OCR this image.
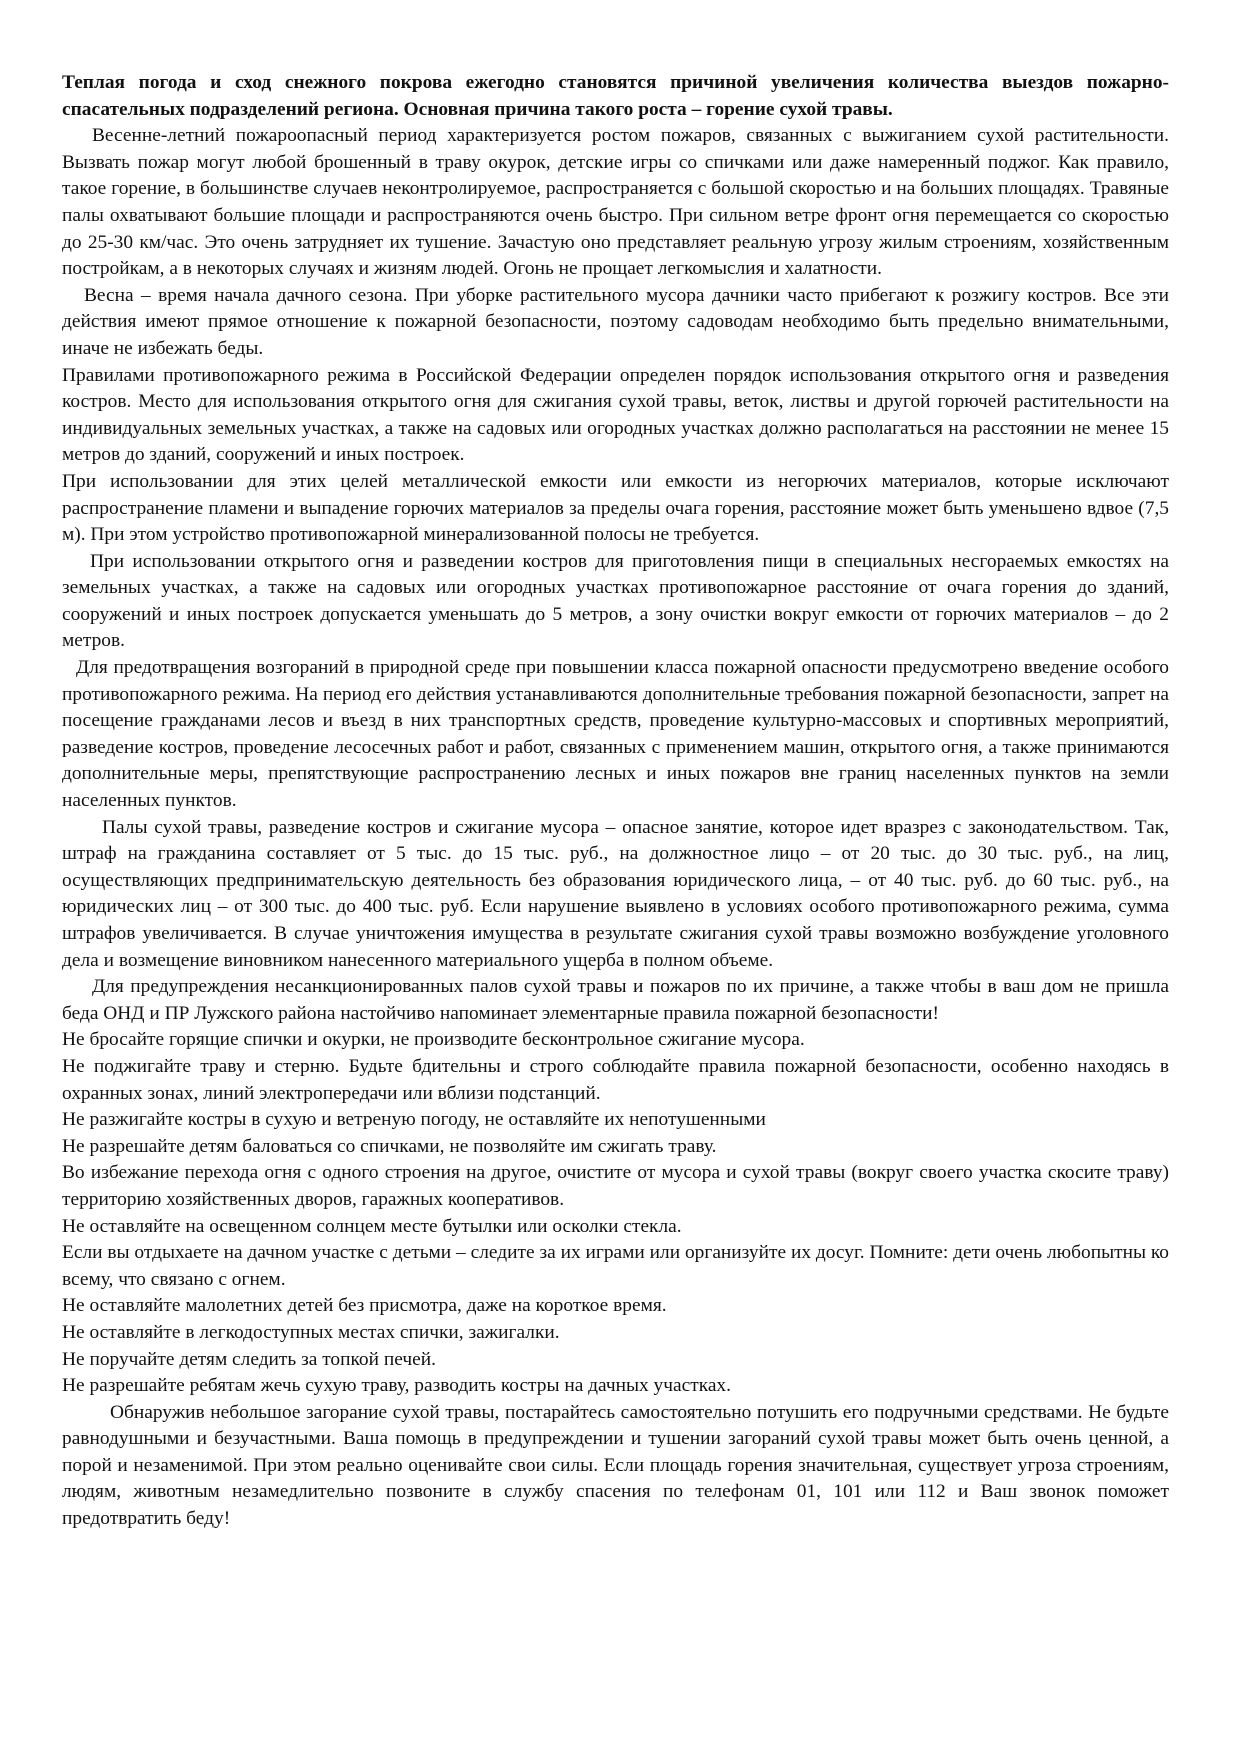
Теплая погода и сход снежного покрова ежегодно становятся причиной увеличения количества выездов пожарно-спасательных подразделений региона. Основная причина такого роста – горение сухой травы.

Весенне-летний пожароопасный период характеризуется ростом пожаров, связанных с выжиганием сухой растительности. Вызвать пожар могут любой брошенный в траву окурок, детские игры со спичками или даже намеренный поджог. Как правило, такое горение, в большинстве случаев неконтролируемое, распространяется с большой скоростью и на больших площадях. Травяные палы охватывают большие площади и распространяются очень быстро. При сильном ветре фронт огня перемещается со скоростью до 25-30 км/час. Это очень затрудняет их тушение. Зачастую оно представляет реальную угрозу жилым строениям, хозяйственным постройкам, а в некоторых случаях и жизням людей. Огонь не прощает легкомыслия и халатности.

Весна – время начала дачного сезона. При уборке растительного мусора дачники часто прибегают к розжигу костров. Все эти действия имеют прямое отношение к пожарной безопасности, поэтому садоводам необходимо быть предельно внимательными, иначе не избежать беды.

Правилами противопожарного режима в Российской Федерации определен порядок использования открытого огня и разведения костров. Место для использования открытого огня для сжигания сухой травы, веток, листвы и другой горючей растительности на индивидуальных земельных участках, а также на садовых или огородных участках должно располагаться на расстоянии не менее 15 метров до зданий, сооружений и иных построек.

При использовании для этих целей металлической емкости или емкости из негорючих материалов, которые исключают распространение пламени и выпадение горючих материалов за пределы очага горения, расстояние может быть уменьшено вдвое (7,5 м). При этом устройство противопожарной минерализованной полосы не требуется.

При использовании открытого огня и разведении костров для приготовления пищи в специальных несгораемых емкостях на земельных участках, а также на садовых или огородных участках противопожарное расстояние от очага горения до зданий, сооружений и иных построек допускается уменьшать до 5 метров, а зону очистки вокруг емкости от горючих материалов – до 2 метров.

Для предотвращения возгораний в природной среде при повышении класса пожарной опасности предусмотрено введение особого противопожарного режима. На период его действия устанавливаются дополнительные требования пожарной безопасности, запрет на посещение гражданами лесов и въезд в них транспортных средств, проведение культурно-массовых и спортивных мероприятий, разведение костров, проведение лесосечных работ и работ, связанных с применением машин, открытого огня, а также принимаются дополнительные меры, препятствующие распространению лесных и иных пожаров вне границ населенных пунктов на земли населенных пунктов.

Палы сухой травы, разведение костров и сжигание мусора – опасное занятие, которое идет вразрез с законодательством. Так, штраф на гражданина составляет от 5 тыс. до 15 тыс. руб., на должностное лицо – от 20 тыс. до 30 тыс. руб., на лиц, осуществляющих предпринимательскую деятельность без образования юридического лица, – от 40 тыс. руб. до 60 тыс. руб., на юридических лиц – от 300 тыс. до 400 тыс. руб. Если нарушение выявлено в условиях особого противопожарного режима, сумма штрафов увеличивается. В случае уничтожения имущества в результате сжигания сухой травы возможно возбуждение уголовного дела и возмещение виновником нанесенного материального ущерба в полном объеме.

Для предупреждения несанкционированных палов сухой травы и пожаров по их причине, а также чтобы в ваш дом не пришла беда ОНД и ПР Лужского района настойчиво напоминает элементарные правила пожарной безопасности!

Не бросайте горящие спички и окурки, не производите бесконтрольное сжигание мусора.

Не поджигайте траву и стерню. Будьте бдительны и строго соблюдайте правила пожарной безопасности, особенно находясь в охранных зонах, линий электропередачи или вблизи подстанций.

Не разжигайте костры в сухую и ветреную погоду, не оставляйте их непотушенными

Не разрешайте детям баловаться со спичками, не позволяйте им сжигать траву.

Во избежание перехода огня с одного строения на другое, очистите от мусора и сухой травы (вокруг своего участка скосите траву) территорию хозяйственных дворов, гаражных кооперативов.

Не оставляйте на освещенном солнцем месте бутылки или осколки стекла.

Если вы отдыхаете на дачном участке с детьми – следите за их играми или организуйте их досуг. Помните: дети очень любопытны ко всему, что связано с огнем.

Не оставляйте малолетних детей без присмотра, даже на короткое время.

Не оставляйте в легкодоступных местах спички, зажигалки.

Не поручайте детям следить за топкой печей.

Не разрешайте ребятам жечь сухую траву, разводить костры на дачных участках.

Обнаружив небольшое загорание сухой травы, постарайтесь самостоятельно потушить его подручными средствами. Не будьте равнодушными и безучастными. Ваша помощь в предупреждении и тушении загораний сухой травы может быть очень ценной, а порой и незаменимой. При этом реально оценивайте свои силы. Если площадь горения значительная, существует угроза строениям, людям, животным незамедлительно позвоните в службу спасения по телефонам 01, 101 или 112 и Ваш звонок поможет предотвратить беду!
